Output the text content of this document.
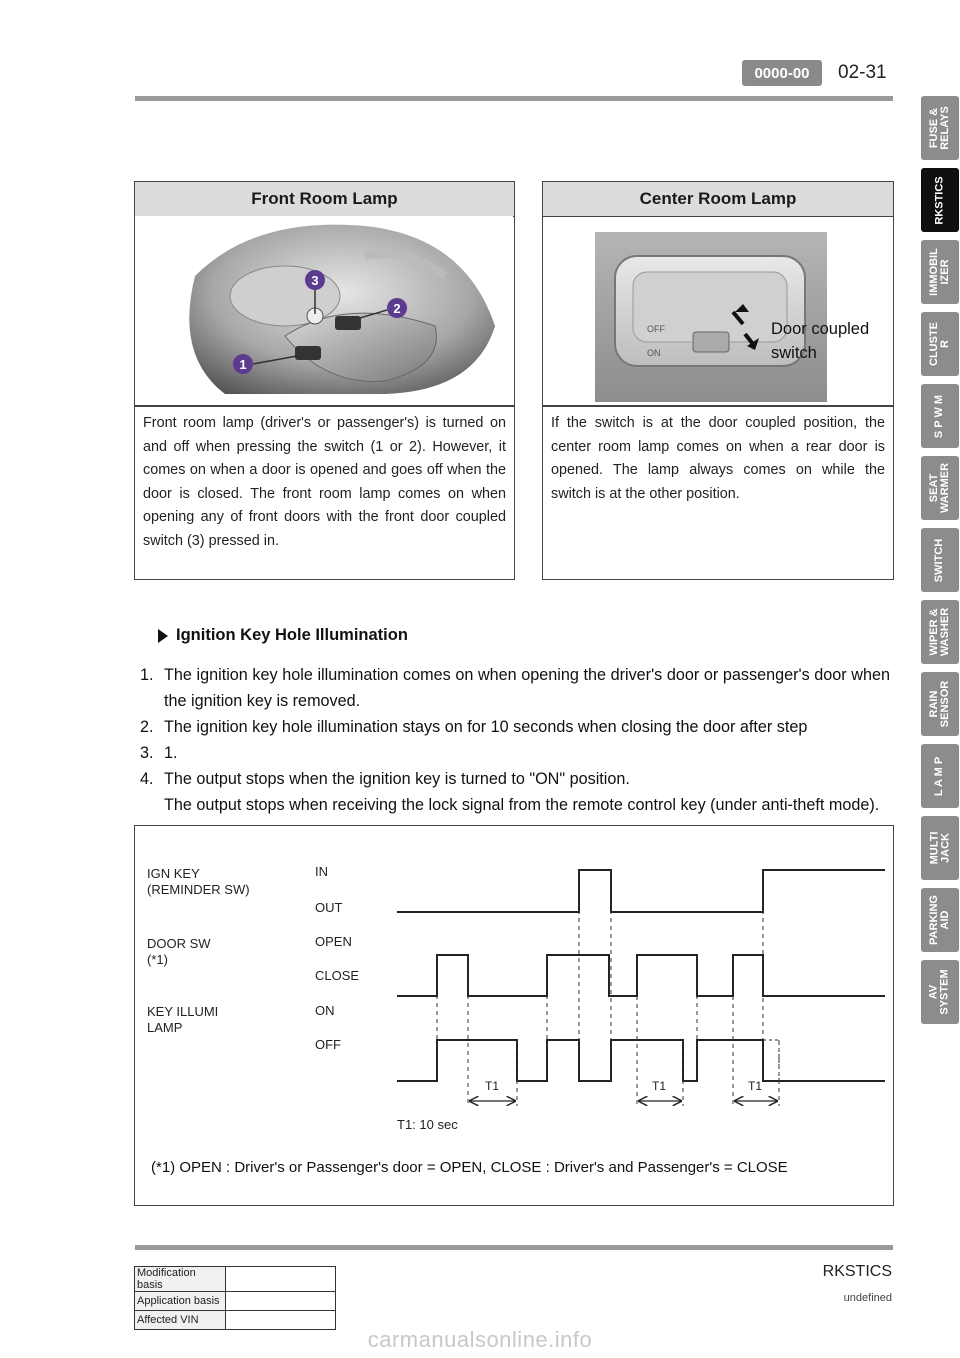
0000-00	02-31
FUSE &
RELAYS
RKSTICS
IMMOBIL
IZER
CLUSTE
R
S P W M
SEAT
WARMER
SWITCH
WIPER &
WASHER
RAIN
SENSOR
L A M P
MULTI
JACK
PARKING
AID
AV
SYSTEM
Front Room Lamp
3
2
1
Front room lamp (driver's or passenger's) is turned on and off when pressing the switch (1 or 2). However, it comes on when a door is opened and goes off when the door is closed. The front room lamp comes on when opening any of front doors with the front door coupled switch (3) pressed in.
Center Room Lamp
OFF
ON
Door coupled
switch
If the switch is at the door coupled position, the center room lamp comes on when a rear door is opened. The lamp always comes on while the switch is at the other position.
Ignition Key Hole Illumination
1. The ignition key hole illumination comes on when opening the driver's door or passenger's door when the ignition key is removed.
2. The ignition key hole illumination stays on for 10 seconds when closing the door after step
3. 1.
4. The output stops when the ignition key is turned to "ON" position.
The output stops when receiving the lock signal from the remote control key (under anti-theft mode).
IGN KEY
(REMINDER SW)
DOOR SW
(*1)
KEY ILLUMI
LAMP
IN
OUT
OPEN
CLOSE
ON
OFF
T1	T1	T1
T1: 10 sec
(*1) OPEN : Driver's or Passenger's door = OPEN, CLOSE : Driver's and Passenger's = CLOSE
Modification basis	
Application basis	
Affected VIN	
RKSTICS
undefined
carmanualsonline.info
